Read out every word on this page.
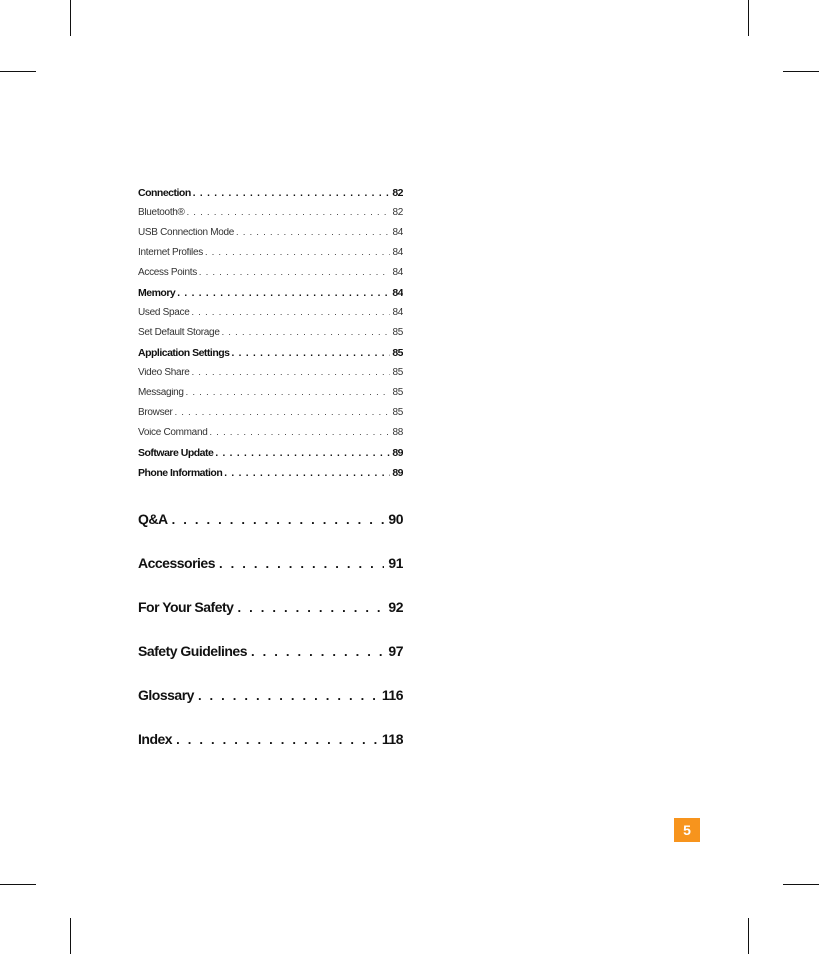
Connection . . .	82
Bluetooth® . . .	82
USB Connection Mode . . .	84
Internet Profiles . . .	84
Access Points . . .	84
Memory . . .	84
Used Space . . .	84
Set Default Storage . . .	85
Application Settings . . .	85
Video Share . . .	85
Messaging . . .	85
Browser . . .	85
Voice Command . . .	88
Software Update . . .	89
Phone Information . . .	89
Q&A . . .	90
Accessories . . .	91
For Your Safety . . .	92
Safety Guidelines . . .	97
Glossary . . .	116
Index . . .	118
5
